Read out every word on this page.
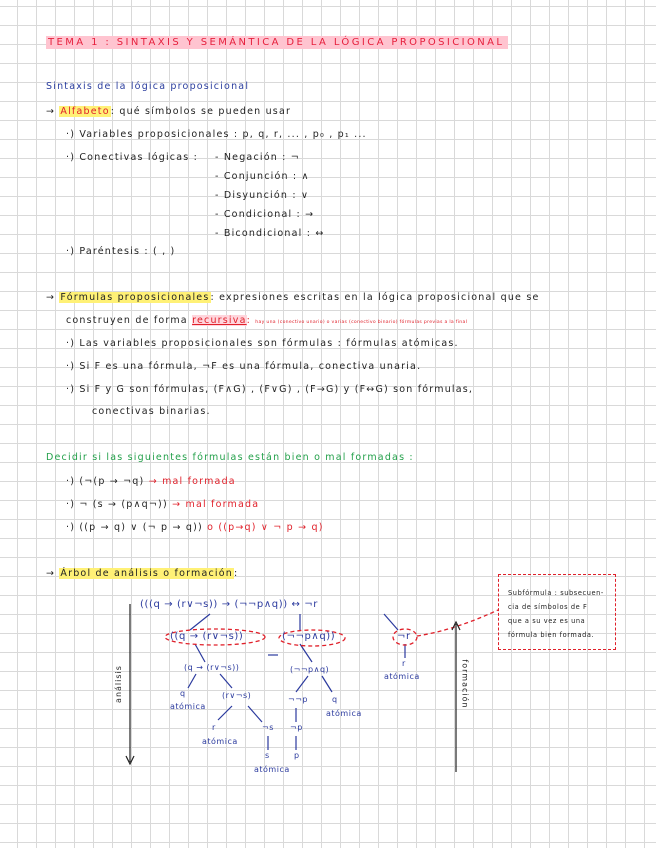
TEMA 1 : SINTAXIS Y SEMÁNTICA DE LA LÓGICA PROPOSICIONAL
Sintaxis de la lógica proposicional
→ Alfabeto: qué símbolos se pueden usar
·) Variables proposicionales : p, q, r, ... , p₀ , p₁ ...
·) Conectivas lógicas : - Negación : ¬
- Conjunción : ∧
- Disyunción : ∨
- Condicional : →
- Bicondicional : ↔
·) Paréntesis : ( , )
→ Fórmulas proposicionales: expresiones escritas en la lógica proposicional que se
construyen de forma recursiva: hay una (conectivo unario) o varias (conectivo binario) fórmulas previas a la final
·) Las variables proposicionales son fórmulas : fórmulas atómicas.
·) Si F es una fórmula, ¬F es una fórmula, conectiva unaria.
·) Si F y G son fórmulas, (F∧G) , (F∨G) , (F→G) y (F↔G) son fórmulas,
conectivas binarias.
Decidir si las siguientes fórmulas están bien o mal formadas :
·) (¬(p → ¬q) → mal formada
·) ¬ (s → (p∧q¬)) → mal formada
·) ((p → q) ∨ (¬ p → q)) o ((p→q) ∨ ¬ p → q)
→ Árbol de análisis o formación:
(((q → (r∨¬s)) → (¬¬p∧q)) ↔ ¬r
((q → (r∨¬s))	(¬¬p∧q))	¬r
(q → (r∨¬s))	(¬¬p∧q)
r
atómica
q
atómica
(r∨¬s)	¬¬p	q
atómica
r
atómica
¬s ¬p
s	p
atómica
análisis	formación
Subfórmula : subsecuen-
cia de símbolos de F
que a su vez es una
fórmula bien formada.
